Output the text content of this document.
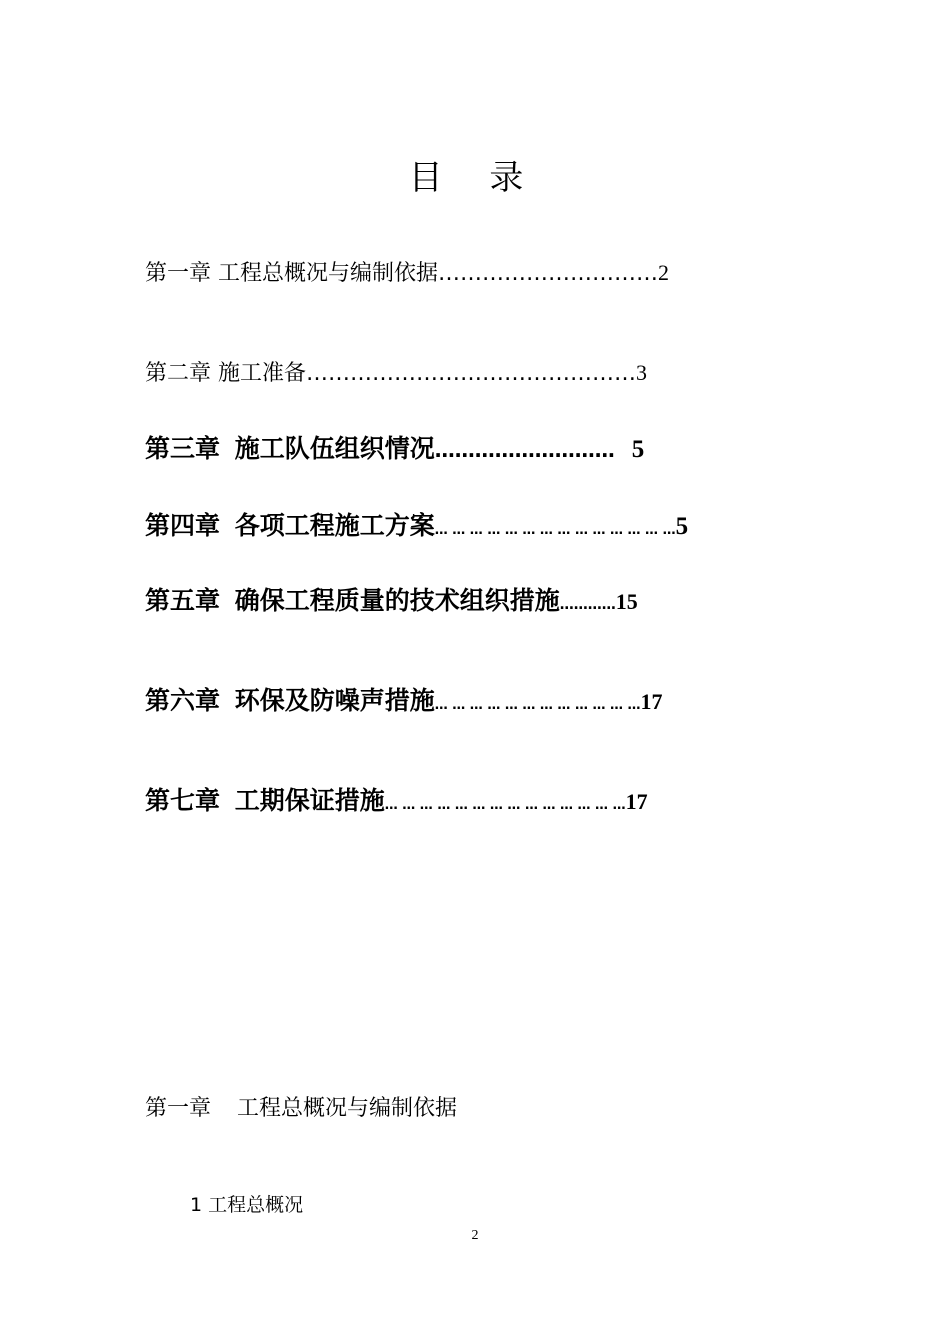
目 录
第一章 工程总概况与编制依据…………………………2
第二章 施工准备………………………………………3
第三章 施工队伍组织情况……………………… 5
第四章 各项工程施工方案… … … … … … … … … … … … … …5
第五章 确保工程质量的技术组织措施…………15
第六章 环保及防噪声措施… … … … … … … … … … … …17
第七章 工期保证措施… … … … … … … … … … … … … …17
第一章 工程总概况与编制依据
1 工程总概况
2
